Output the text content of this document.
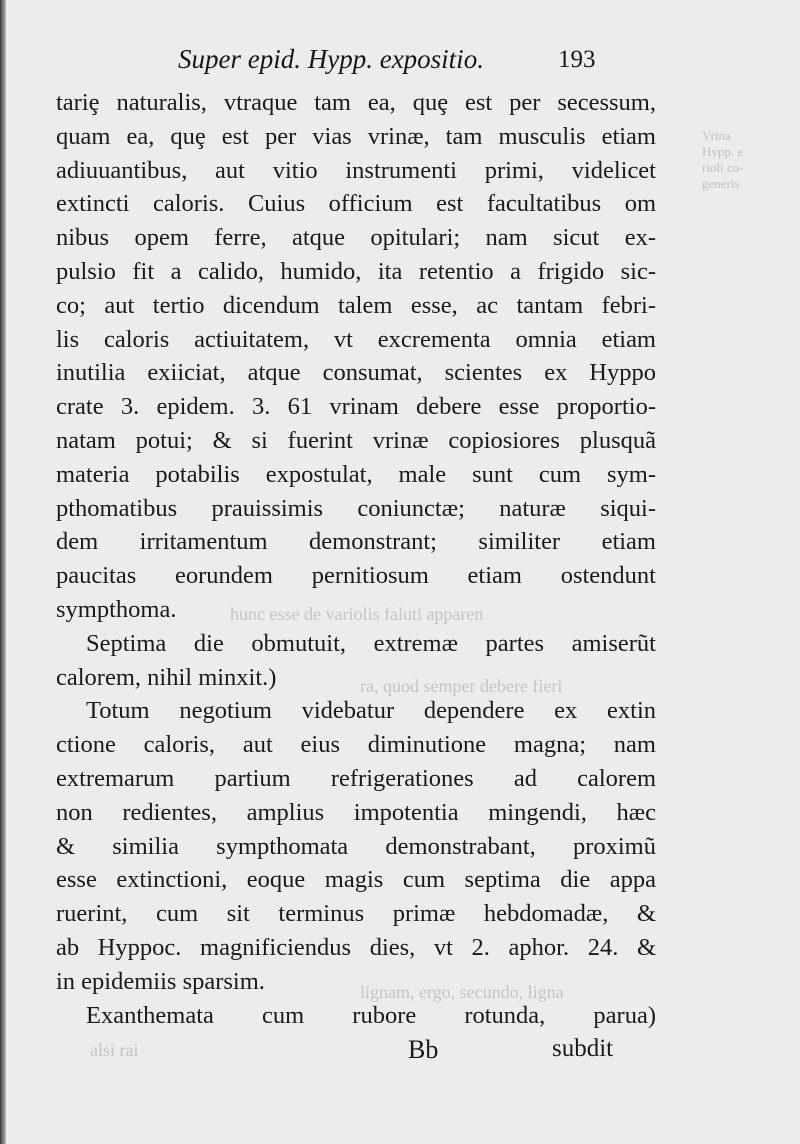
Vrina
Hypp. e
rioli co-
generis
hunc esse de variolis faluti apparen
ra, quod semper debere fieri
lignam, ergo, secundo, ligna
alsi rai
Super epid. Hypp. expositio.	193
tariȩ naturalis, vtraque tam ea, quȩ est per secessum,
quam ea, quȩ est per vias vrinæ, tam musculis etiam
adiuuantibus, aut vitio instrumenti primi, videlicet
extincti caloris. Cuius officium est facultatibus om
nibus opem ferre, atque opitulari; nam sicut ex-
pulsio fit a calido, humido, ita retentio a frigido sic-
co; aut tertio dicendum talem esse, ac tantam febri-
lis caloris actiuitatem, vt excrementa omnia etiam
inutilia exiiciat, atque consumat, scientes ex Hyppo
crate 3. epidem. 3. 61 vrinam debere esse proportio-
natam potui; & si fuerint vrinæ copiosiores plusquã
materia potabilis expostulat, male sunt cum sym-
pthomatibus prauissimis coniunctæ; naturæ siqui-
dem irritamentum demonstrant; similiter etiam
paucitas eorundem pernitiosum etiam ostendunt
sympthoma.
Septima die obmutuit, extremæ partes amiserũt
calorem, nihil minxit.)
Totum negotium videbatur dependere ex extin
ctione caloris, aut eius diminutione magna; nam
extremarum partium refrigerationes ad calorem
non redientes, amplius impotentia mingendi, hæc
& similia sympthomata demonstrabant, proximũ
esse extinctioni, eoque magis cum septima die appa
ruerint, cum sit terminus primæ hebdomadæ, &
ab Hyppoc. magnificiendus dies, vt 2. aphor. 24. &
in epidemiis sparsim.
Exanthemata cum rubore rotunda, parua)
Bb	subdit
